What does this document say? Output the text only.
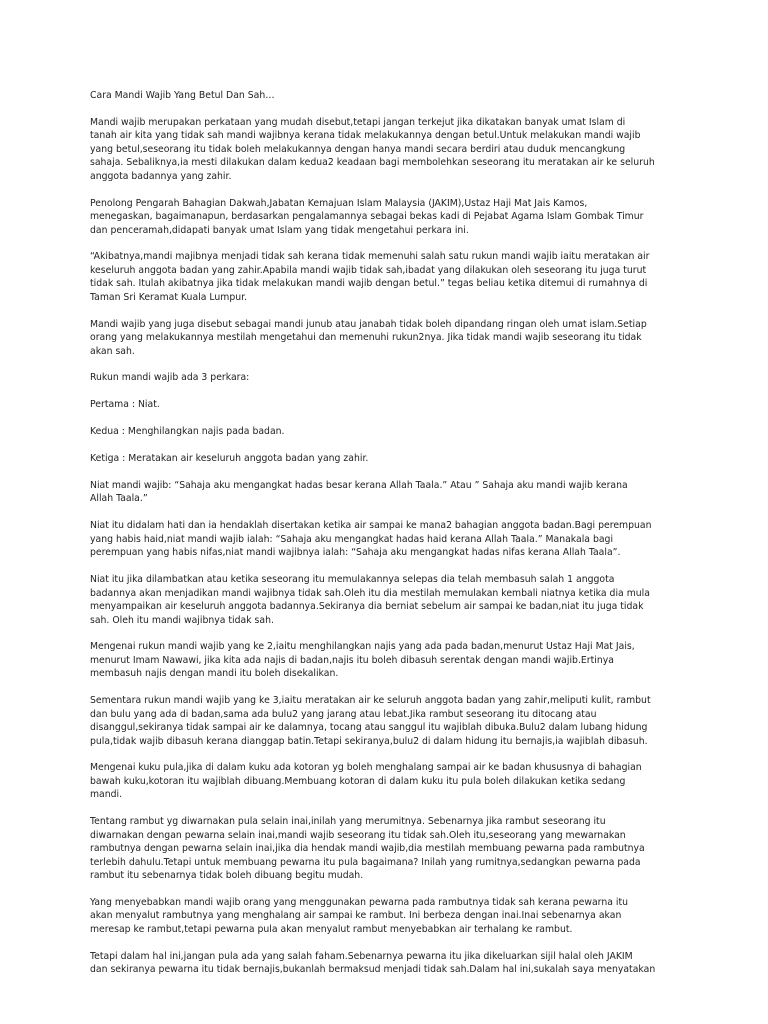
Cara Mandi Wajib Yang Betul Dan Sah…

Mandi wajib merupakan perkataan yang mudah disebut,tetapi jangan terkejut jika dikatakan banyak umat Islam di
tanah air kita yang tidak sah mandi wajibnya kerana tidak melakukannya dengan betul.Untuk melakukan mandi wajib
yang betul,seseorang itu tidak boleh melakukannya dengan hanya mandi secara berdiri atau duduk mencangkung
sahaja. Sebaliknya,ia mesti dilakukan dalam kedua2 keadaan bagi membolehkan seseorang itu meratakan air ke seluruh
anggota badannya yang zahir.

Penolong Pengarah Bahagian Dakwah,Jabatan Kemajuan Islam Malaysia (JAKIM),Ustaz Haji Mat Jais Kamos,
menegaskan, bagaimanapun, berdasarkan pengalamannya sebagai bekas kadi di Pejabat Agama Islam Gombak Timur
dan penceramah,didapati banyak umat Islam yang tidak mengetahui perkara ini.

“Akibatnya,mandi majibnya menjadi tidak sah kerana tidak memenuhi salah satu rukun mandi wajib iaitu meratakan air
keseluruh anggota badan yang zahir.Apabila mandi wajib tidak sah,ibadat yang dilakukan oleh seseorang itu juga turut
tidak sah. Itulah akibatnya jika tidak melakukan mandi wajib dengan betul.” tegas beliau ketika ditemui di rumahnya di
Taman Sri Keramat Kuala Lumpur.

Mandi wajib yang juga disebut sebagai mandi junub atau janabah tidak boleh dipandang ringan oleh umat islam.Setiap
orang yang melakukannya mestilah mengetahui dan memenuhi rukun2nya. Jika tidak mandi wajib seseorang itu tidak
akan sah.

Rukun mandi wajib ada 3 perkara:

Pertama : Niat.

Kedua : Menghilangkan najis pada badan.

Ketiga : Meratakan air keseluruh anggota badan yang zahir.

Niat mandi wajib: “Sahaja aku mengangkat hadas besar kerana Allah Taala.” Atau ” Sahaja aku mandi wajib kerana
Allah Taala.”

Niat itu didalam hati dan ia hendaklah disertakan ketika air sampai ke mana2 bahagian anggota badan.Bagi perempuan
yang habis haid,niat mandi wajib ialah: “Sahaja aku mengangkat hadas haid kerana Allah Taala.” Manakala bagi
perempuan yang habis nifas,niat mandi wajibnya ialah: “Sahaja aku mengangkat hadas nifas kerana Allah Taala”.

Niat itu jika dilambatkan atau ketika seseorang itu memulakannya selepas dia telah membasuh salah 1 anggota
badannya akan menjadikan mandi wajibnya tidak sah.Oleh itu dia mestilah memulakan kembali niatnya ketika dia mula
menyampaikan air keseluruh anggota badannya.Sekiranya dia berniat sebelum air sampai ke badan,niat itu juga tidak
sah. Oleh itu mandi wajibnya tidak sah.

Mengenai rukun mandi wajib yang ke 2,iaitu menghilangkan najis yang ada pada badan,menurut Ustaz Haji Mat Jais,
menurut Imam Nawawi, jika kita ada najis di badan,najis itu boleh dibasuh serentak dengan mandi wajib.Ertinya
membasuh najis dengan mandi itu boleh disekalikan.

Sementara rukun mandi wajib yang ke 3,iaitu meratakan air ke seluruh anggota badan yang zahir,meliputi kulit, rambut
dan bulu yang ada di badan,sama ada bulu2 yang jarang atau lebat.Jika rambut seseorang itu ditocang atau
disanggul,sekiranya tidak sampai air ke dalamnya, tocang atau sanggul itu wajiblah dibuka.Bulu2 dalam lubang hidung
pula,tidak wajib dibasuh kerana dianggap batin.Tetapi sekiranya,bulu2 di dalam hidung itu bernajis,ia wajiblah dibasuh.

Mengenai kuku pula,jika di dalam kuku ada kotoran yg boleh menghalang sampai air ke badan khususnya di bahagian
bawah kuku,kotoran itu wajiblah dibuang.Membuang kotoran di dalam kuku itu pula boleh dilakukan ketika sedang
mandi.

Tentang rambut yg diwarnakan pula selain inai,inilah yang merumitnya. Sebenarnya jika rambut seseorang itu
diwarnakan dengan pewarna selain inai,mandi wajib seseorang itu tidak sah.Oleh itu,seseorang yang mewarnakan
rambutnya dengan pewarna selain inai,jika dia hendak mandi wajib,dia mestilah membuang pewarna pada rambutnya
terlebih dahulu.Tetapi untuk membuang pewarna itu pula bagaimana? Inilah yang rumitnya,sedangkan pewarna pada
rambut itu sebenarnya tidak boleh dibuang begitu mudah.

Yang menyebabkan mandi wajib orang yang menggunakan pewarna pada rambutnya tidak sah kerana pewarna itu
akan menyalut rambutnya yang menghalang air sampai ke rambut. Ini berbeza dengan inai.Inai sebenarnya akan
meresap ke rambut,tetapi pewarna pula akan menyalut rambut menyebabkan air terhalang ke rambut.

Tetapi dalam hal ini,jangan pula ada yang salah faham.Sebenarnya pewarna itu jika dikeluarkan sijil halal oleh JAKIM
dan sekiranya pewarna itu tidak bernajis,bukanlah bermaksud menjadi tidak sah.Dalam hal ini,sukalah saya menyatakan
